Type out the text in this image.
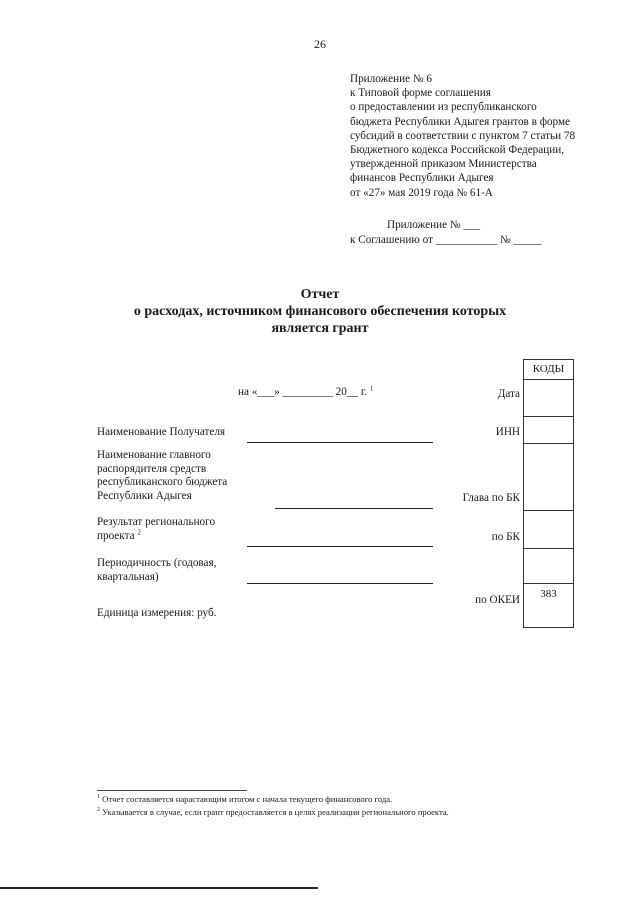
26
Приложение № 6
к Типовой форме соглашения
о предоставлении из республиканского
бюджета Республики Адыгея грантов в форме
субсидий в соответствии с пунктом 7 статьи 78
Бюджетного кодекса Российской Федерации,
утвержденной приказом Министерства
финансов Республики Адыгея
от «27» мая 2019 года № 61-А
Приложение № ___
к Соглашению от ___________ № _____
Отчет
о расходах, источником финансового обеспечения которых
является грант
на «___» _________ 20__ г. $^1$
Наименование Получателя
Наименование главного
распорядителя средств
республиканского бюджета
Республики Адыгея
Результат регионального
проекта $^2$
Периодичность (годовая,
квартальная)
Единица измерения: руб.
Дата
ИНН
Глава по БК
по БК
по ОКЕИ
КОДЫ
383
$^1$ Отчет составляется нарастающим итогом с начала текущего финансового года.
$^2$ Указывается в случае, если грант предоставляется в целях реализации регионального проекта.
